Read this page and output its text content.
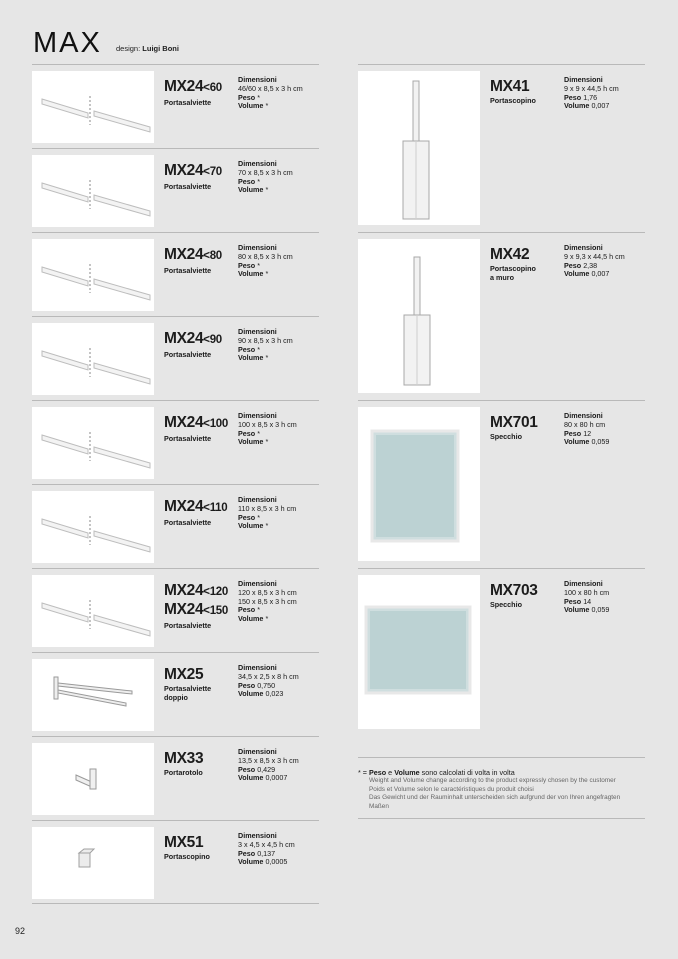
MAX design: Luigi Boni
MX24<60
Portasalviette
Dimensioni
46/60 x 8,5 x 3 h cm
Peso *
Volume *
MX24<70
Portasalviette
Dimensioni
70 x 8,5 x 3 h cm
Peso *
Volume *
MX24<80
Portasalviette
Dimensioni
80 x 8,5 x 3 h cm
Peso *
Volume *
MX24<90
Portasalviette
Dimensioni
90 x 8,5 x 3 h cm
Peso *
Volume *
MX24<100
Portasalviette
Dimensioni
100 x 8,5 x 3 h cm
Peso *
Volume *
MX24<110
Portasalviette
Dimensioni
110 x 8,5 x 3 h cm
Peso *
Volume *
MX24<120
MX24<150
Portasalviette
Dimensioni
120 x 8,5 x 3 h cm
150 x 8,5 x 3 h cm
Peso *
Volume *
MX25
Portasalviette
doppio
Dimensioni
34,5 x 2,5 x 8 h cm
Peso 0,750
Volume 0,023
MX33
Portarotolo
Dimensioni
13,5 x 8,5 x 3 h cm
Peso 0,429
Volume 0,0007
MX51
Portascopino
Dimensioni
3 x 4,5 x 4,5 h cm
Peso 0,137
Volume 0,0005
MX41
Portascopino
Dimensioni
9 x 9 x 44,5 h cm
Peso 1,76
Volume 0,007
MX42
Portascopino
a muro
Dimensioni
9 x 9,3 x 44,5 h cm
Peso 2,38
Volume 0,007
MX701
Specchio
Dimensioni
80 x 80 h cm
Peso 12
Volume 0,059
MX703
Specchio
Dimensioni
100 x 80 h cm
Peso 14
Volume 0,059
* = Peso e Volume sono calcolati di volta in volta
Weight and Volume change according to the product expressly chosen by the customer
Poids et Volume selon le caractéristiques du produit choisi
Das Gewicht und der Rauminhalt unterscheiden sich aufgrund der von Ihren angefragten
Maßen
92
